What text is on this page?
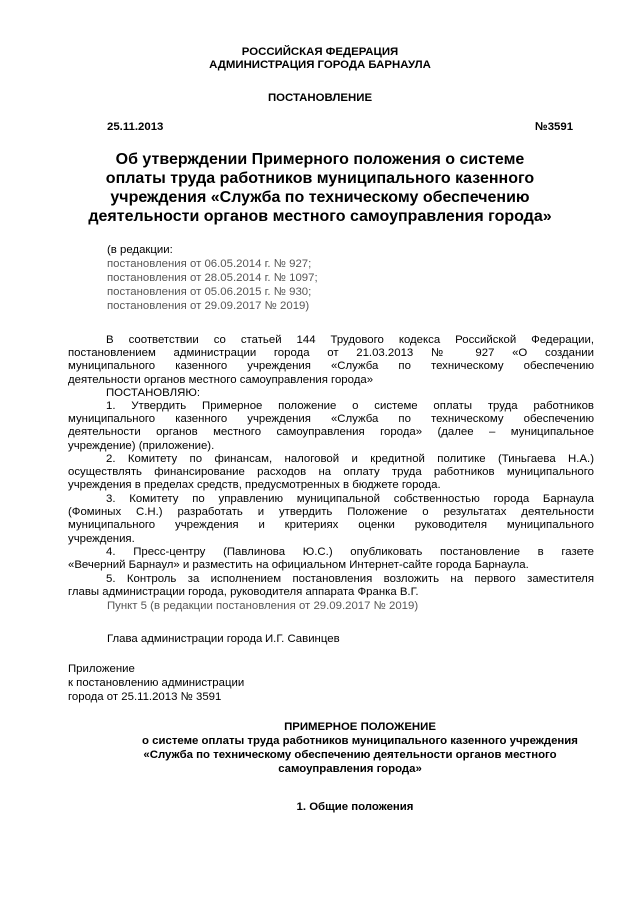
РОССИЙСКАЯ ФЕДЕРАЦИЯ
АДМИНИСТРАЦИЯ ГОРОДА БАРНАУЛА
ПОСТАНОВЛЕНИЕ
25.11.2013	№3591
Об утверждении Примерного положения о системе
оплаты труда работников муниципального казенного
учреждения «Служба по техническому обеспечению
деятельности органов местного самоуправления города»
(в редакции:
постановления от 06.05.2014 г. № 927;
постановления от 28.05.2014 г. № 1097;
постановления от 05.06.2015 г. № 930;
постановления от 29.09.2017 № 2019)
В соответствии со статьей 144 Трудового кодекса Российской Федерации,
постановлением администрации города от 21.03.2013 № 927 «О создании
муниципального казенного учреждения «Служба по техническому обеспечению
деятельности органов местного самоуправления города»
ПОСТАНОВЛЯЮ:
1. Утвердить Примерное положение о системе оплаты труда работников
муниципального казенного учреждения «Служба по техническому обеспечению
деятельности органов местного самоуправления города» (далее – муниципальное
учреждение) (приложение).
2. Комитету по финансам, налоговой и кредитной политике (Тиньгаева Н.А.)
осуществлять финансирование расходов на оплату труда работников муниципального
учреждения в пределах средств, предусмотренных в бюджете города.
3. Комитету по управлению муниципальной собственностью города Барнаула
(Фоминых С.Н.) разработать и утвердить Положение о результатах деятельности
муниципального учреждения и критериях оценки руководителя муниципального
учреждения.
4. Пресс-центру (Павлинова Ю.С.) опубликовать постановление в газете
«Вечерний Барнаул» и разместить на официальном Интернет-сайте города Барнаула.
5. Контроль за исполнением постановления возложить на первого заместителя
главы администрации города, руководителя аппарата Франка В.Г.
Пункт 5 (в редакции постановления от 29.09.2017 № 2019)
Глава администрации города И.Г. Савинцев
Приложение
к постановлению администрации
города от 25.11.2013 № 3591
ПРИМЕРНОЕ ПОЛОЖЕНИЕ
о системе оплаты труда работников муниципального казенного учреждения
«Служба по техническому обеспечению деятельности органов местного
самоуправления города»
1. Общие положения
